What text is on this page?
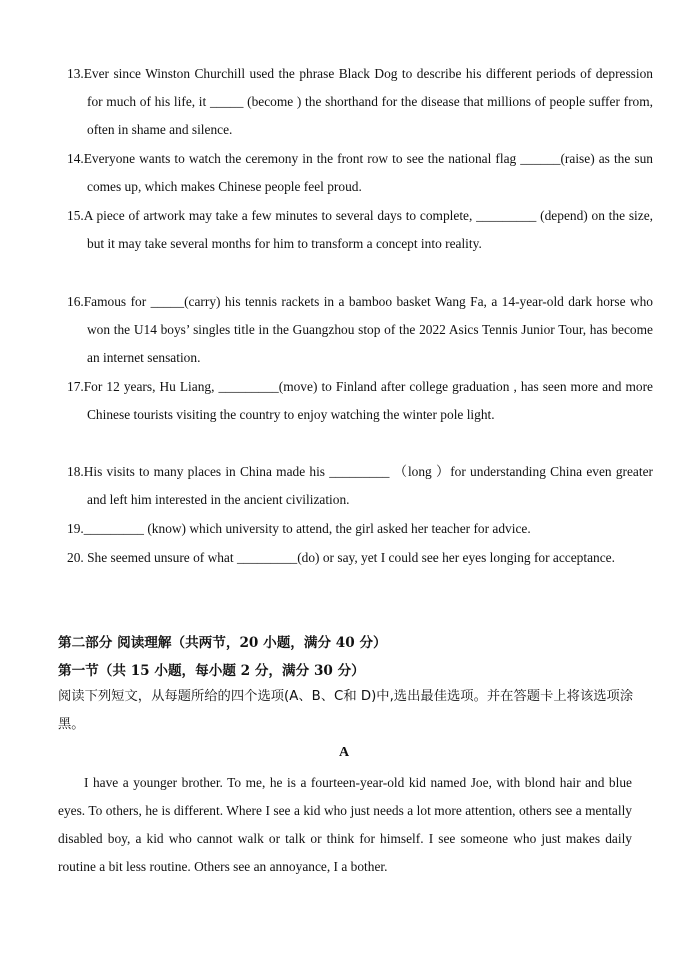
13.Ever since Winston Churchill used the phrase Black Dog to describe his different periods of depression for much of his life, it _____ (become ) the shorthand for the disease that millions of people suffer from, often in shame and silence.
14.Everyone wants to watch the ceremony in the front row to see the national flag ______(raise) as the sun comes up, which makes Chinese people feel proud.
15.A piece of artwork may take a few minutes to several days to complete, _________ (depend) on the size, but it may take several months for him to transform a concept into reality.
16.Famous for _____(carry) his tennis rackets in a bamboo basket Wang Fa, a 14-year-old dark horse who won the U14 boys’ singles title in the Guangzhou stop of the 2022 Asics Tennis Junior Tour, has become an internet sensation.
17.For 12 years, Hu Liang, _________(move) to Finland after college graduation , has seen more and more Chinese tourists visiting the country to enjoy watching the winter pole light.
18.His visits to many places in China made his _________ （long ）for understanding China even greater and left him interested in the ancient civilization.
19._________ (know) which university to attend, the girl asked her teacher for advice.
20. She seemed unsure of what _________(do) or say, yet I could see her eyes longing for acceptance.
第二部分 阅读理解（共两节，20 小题，满分 40 分）
第一节（共 15 小题，每小题 2 分，满分 30 分）
阅读下列短文，从每题所给的四个选项(A、B、C和 D)中,选出最佳选项。并在答题卡上将该选项涂黑。
A
I have a younger brother. To me, he is a fourteen-year-old kid named Joe, with blond hair and blue eyes. To others, he is different. Where I see a kid who just needs a lot more attention, others see a mentally disabled boy, a kid who cannot walk or talk or think for himself. I see someone who just makes daily routine a bit less routine. Others see an annoyance, I a bother.
